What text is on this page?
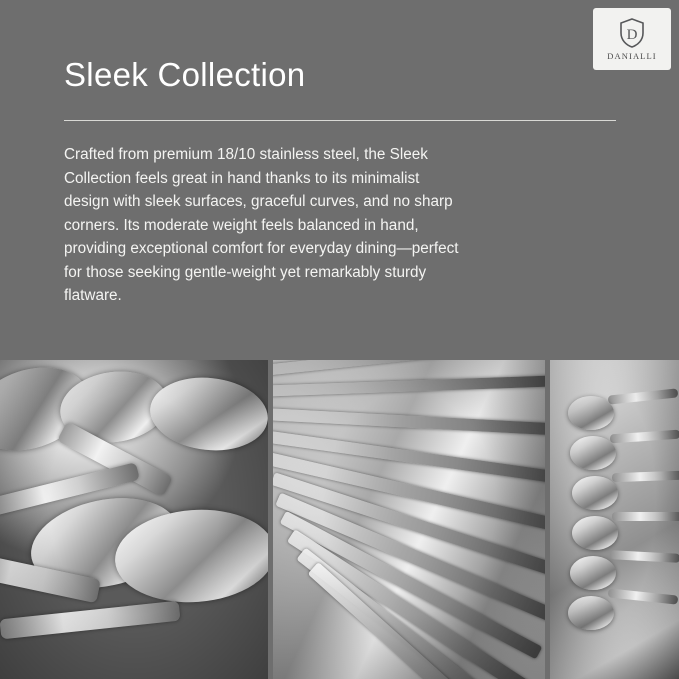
D
DANIALLI
Sleek Collection

Crafted from premium 18/10 stainless steel, the Sleek Collection feels great in hand thanks to its minimalist design with sleek surfaces, graceful curves, and no sharp corners. Its moderate weight feels balanced in hand, providing exceptional comfort for everyday dining—perfect for those seeking gentle-weight yet remarkably sturdy flatware.
